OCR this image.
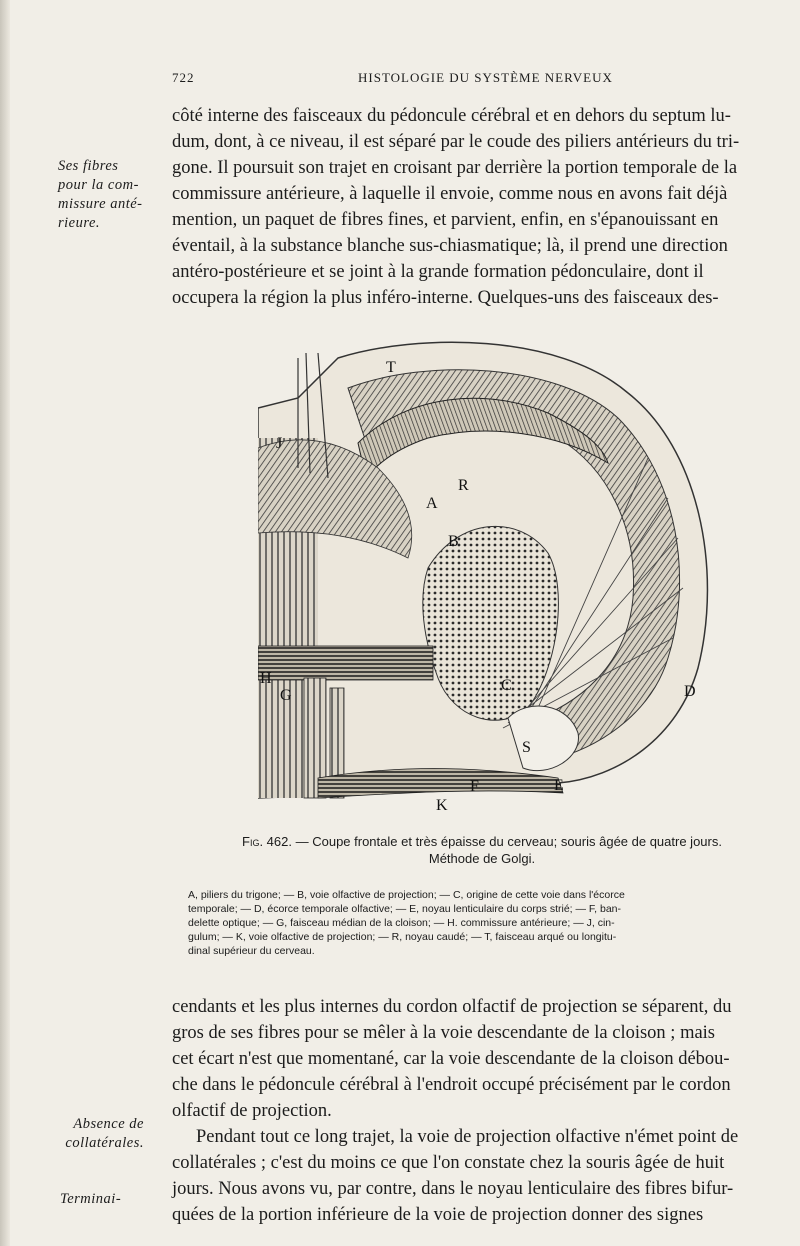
722	HISTOLOGIE DU SYSTÈME NERVEUX
Ses fibres
pour la com-
missure anté-
rieure.
côté interne des faisceaux du pédoncule cérébral et en dehors du septum lu-
dum, dont, à ce niveau, il est séparé par le coude des piliers antérieurs du tri-
gone. Il poursuit son trajet en croisant par derrière la portion temporale de la
commissure antérieure, à laquelle il envoie, comme nous en avons fait déjà
mention, un paquet de fibres fines, et parvient, enfin, en s'épanouissant en
éventail, à la substance blanche sus-chiasmatique; là, il prend une direction
antéro-postérieure et se joint à la grande formation pédonculaire, dont il
occupera la région la plus inféro-interne. Quelques-uns des faisceaux des-
T
J
R
A
B
H
G
C	D
S
F	E
K
Fig. 462. — Coupe frontale et très épaisse du cerveau; souris âgée de quatre jours.
Méthode de Golgi.
A, piliers du trigone; — B, voie olfactive de projection; — C, origine de cette voie dans l'écorce
temporale; — D, écorce temporale olfactive; — E, noyau lenticulaire du corps strié; — F, ban-
delette optique; — G, faisceau médian de la cloison; — H. commissure antérieure; — J, cin-
gulum; — K, voie olfactive de projection; — R, noyau caudé; — T, faisceau arqué ou longitu-
dinal supérieur du cerveau.
cendants et les plus internes du cordon olfactif de projection se séparent, du
gros de ses fibres pour se mêler à la voie descendante de la cloison ; mais
cet écart n'est que momentané, car la voie descendante de la cloison débou-
che dans le pédoncule cérébral à l'endroit occupé précisément par le cordon
olfactif de projection.
Pendant tout ce long trajet, la voie de projection olfactive n'émet point de
collatérales ; c'est du moins ce que l'on constate chez la souris âgée de huit
jours. Nous avons vu, par contre, dans le noyau lenticulaire des fibres bifur-
quées de la portion inférieure de la voie de projection donner des signes
Absence de
collatérales.
Terminai-
